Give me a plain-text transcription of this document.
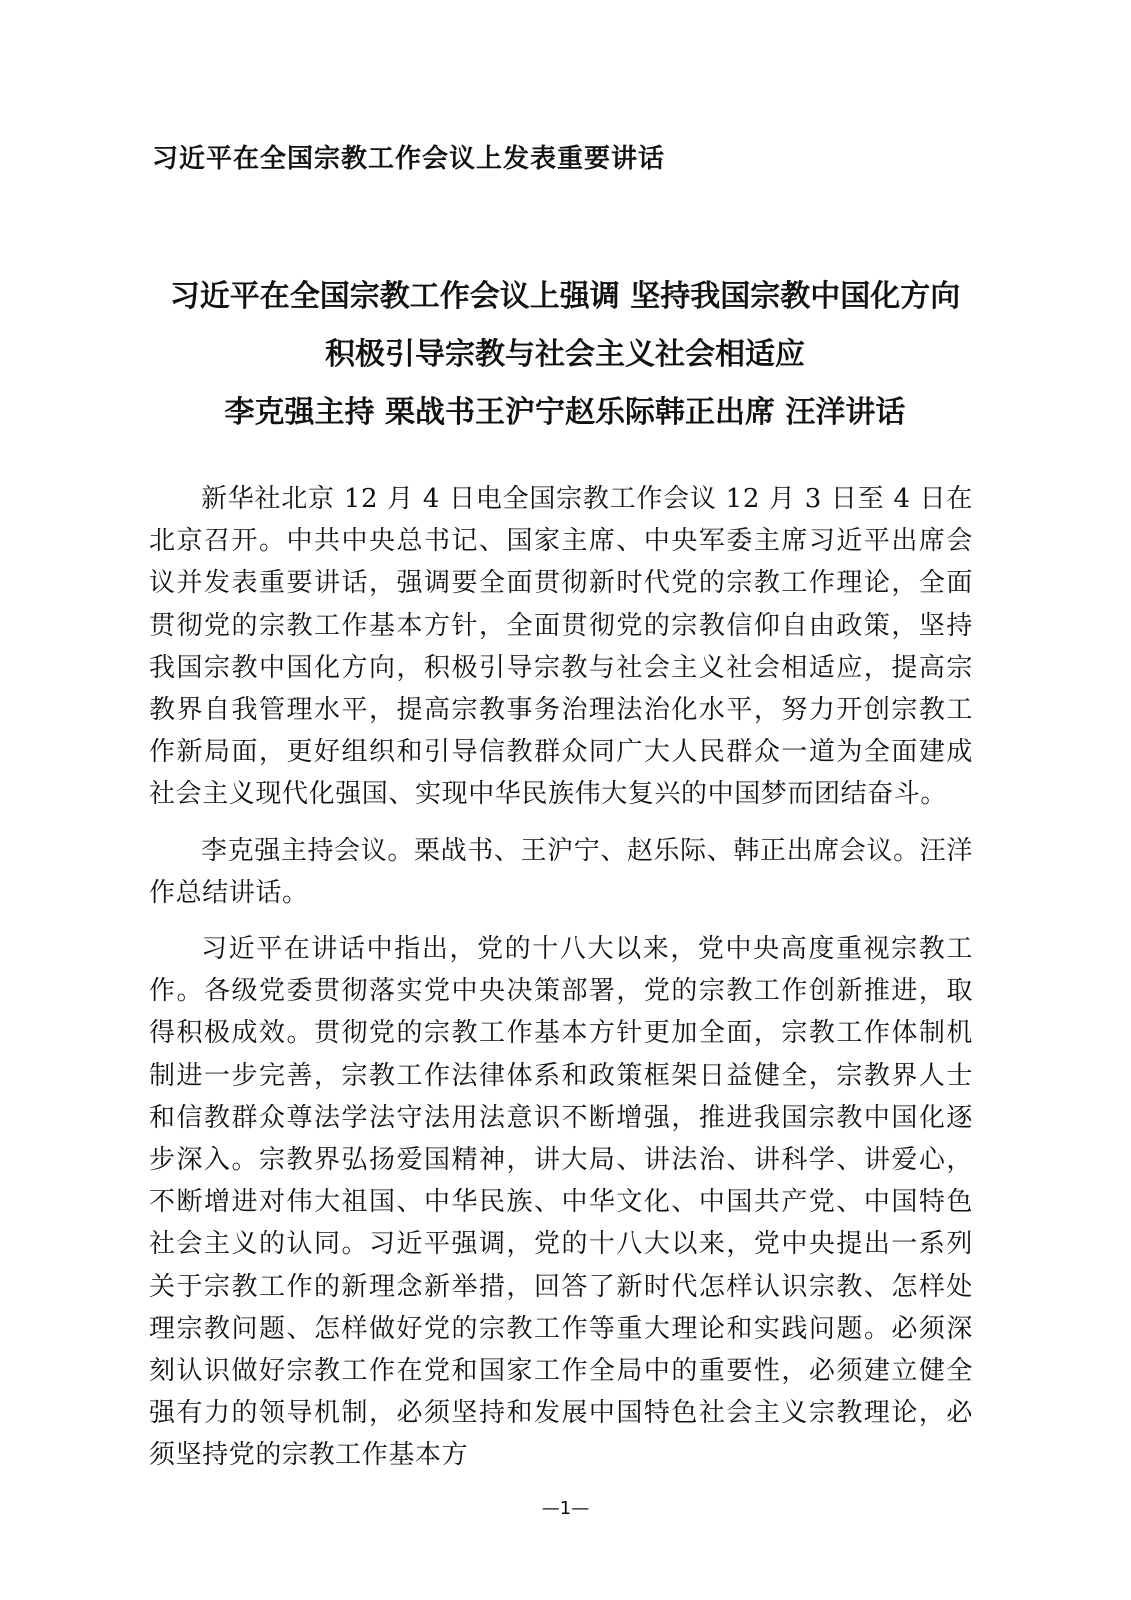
习近平在全国宗教工作会议上发表重要讲话
习近平在全国宗教工作会议上强调 坚持我国宗教中国化方向
积极引导宗教与社会主义社会相适应
李克强主持 栗战书王沪宁赵乐际韩正出席 汪洋讲话

新华社北京 12 月 4 日电全国宗教工作会议 12 月 3 日至 4 日在北京召开。中共中央总书记、国家主席、中央军委主席习近平出席会议并发表重要讲话，强调要全面贯彻新时代党的宗教工作理论，全面贯彻党的宗教工作基本方针，全面贯彻党的宗教信仰自由政策，坚持我国宗教中国化方向，积极引导宗教与社会主义社会相适应，提高宗教界自我管理水平，提高宗教事务治理法治化水平，努力开创宗教工作新局面，更好组织和引导信教群众同广大人民群众一道为全面建成社会主义现代化强国、实现中华民族伟大复兴的中国梦而团结奋斗。

李克强主持会议。栗战书、王沪宁、赵乐际、韩正出席会议。汪洋作总结讲话。

习近平在讲话中指出，党的十八大以来，党中央高度重视宗教工作。各级党委贯彻落实党中央决策部署，党的宗教工作创新推进，取得积极成效。贯彻党的宗教工作基本方针更加全面，宗教工作体制机制进一步完善，宗教工作法律体系和政策框架日益健全，宗教界人士和信教群众尊法学法守法用法意识不断增强，推进我国宗教中国化逐步深入。宗教界弘扬爱国精神，讲大局、讲法治、讲科学、讲爱心，不断增进对伟大祖国、中华民族、中华文化、中国共产党、中国特色社会主义的认同。习近平强调，党的十八大以来，党中央提出一系列关于宗教工作的新理念新举措，回答了新时代怎样认识宗教、怎样处理宗教问题、怎样做好党的宗教工作等重大理论和实践问题。必须深刻认识做好宗教工作在党和国家工作全局中的重要性，必须建立健全强有力的领导机制，必须坚持和发展中国特色社会主义宗教理论，必须坚持党的宗教工作基本方

—1—
